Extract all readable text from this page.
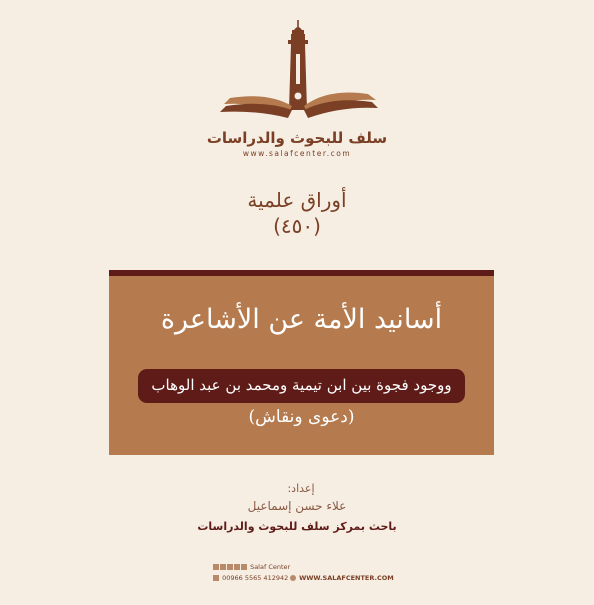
سلف للبحوث والدراسات
www.salafcenter.com
أوراق علمية
(٤٥٠)
أسانيد الأمة عن الأشاعرة
ووجود فجوة بين ابن تيمية ومحمد بن عبد الوهاب
(دعوى ونقاش)
إعداد:
علاء حسن إسماعيل
باحث بمركز سلف للبحوث والدراسات
Salaf Center
00966 5565 412942	WWW.SALAFCENTER.COM
